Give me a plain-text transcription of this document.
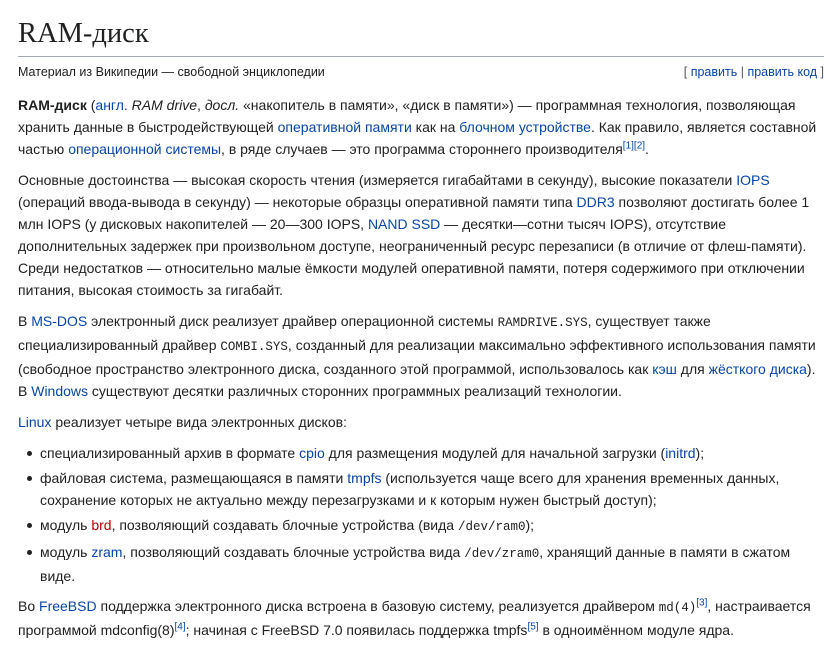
RAM-диск
Материал из Википедии — свободной энциклопедии	[ править | править код ]

RAM-диск (англ. RAM drive, досл. «накопитель в памяти», «диск в памяти») — программная технология, позволяющая хранить данные в быстродействующей оперативной памяти как на блочном устройстве. Как правило, является составной частью операционной системы, в ряде случаев — это программа стороннего производителя[1][2].

Основные достоинства — высокая скорость чтения (измеряется гигабайтами в секунду), высокие показатели IOPS (операций ввода-вывода в секунду) — некоторые образцы оперативной памяти типа DDR3 позволяют достигать более 1 млн IOPS (у дисковых накопителей — 20—300 IOPS, NAND SSD — десятки—сотни тысяч IOPS), отсутствие дополнительных задержек при произвольном доступе, неограниченный ресурс перезаписи (в отличие от флеш-памяти). Среди недостатков — относительно малые ёмкости модулей оперативной памяти, потеря содержимого при отключении питания, высокая стоимость за гигабайт.

В MS-DOS электронный диск реализует драйвер операционной системы RAMDRIVE.SYS, существует также специализированный драйвер COMBI.SYS, созданный для реализации максимально эффективного использования памяти (свободное пространство электронного диска, созданного этой программой, использовалось как кэш для жёсткого диска). В Windows существуют десятки различных сторонних программных реализаций технологии.

Linux реализует четыре вида электронных дисков:

специализированный архив в формате cpio для размещения модулей для начальной загрузки (initrd);
файловая система, размещающаяся в памяти tmpfs (используется чаще всего для хранения временных данных, сохранение которых не актуально между перезагрузками и к которым нужен быстрый доступ);
модуль brd, позволяющий создавать блочные устройства (вида /dev/ram0);
модуль zram, позволяющий создавать блочные устройства вида /dev/zram0, хранящий данные в памяти в сжатом виде.

Во FreeBSD поддержка электронного диска встроена в базовую систему, реализуется драйвером md(4)[3], настраивается программой mdconfig(8)[4]; начиная с FreeBSD 7.0 появилась поддержка tmpfs[5] в одноимённом модуле ядра.
